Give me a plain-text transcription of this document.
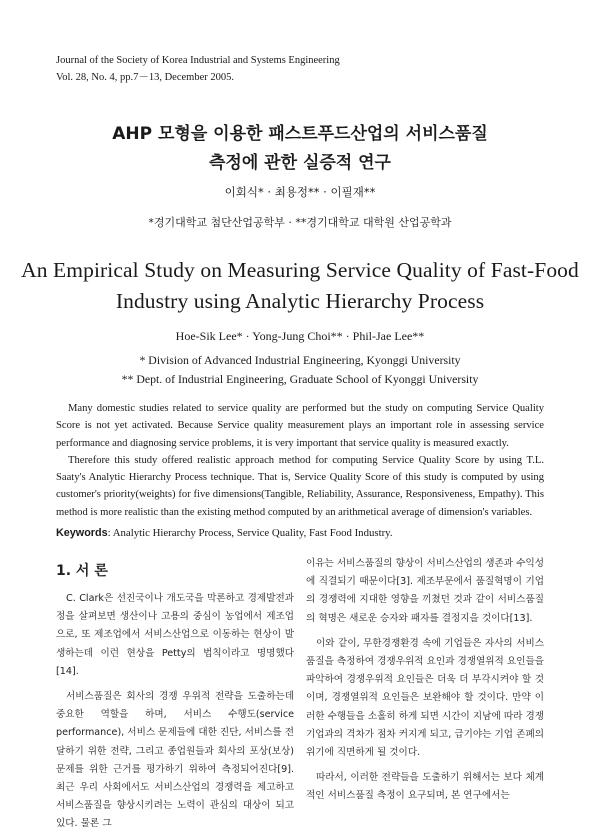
Journal of the Society of Korea Industrial and Systems Engineering
Vol. 28, No. 4, pp.7－13, December 2005.
AHP 모형을 이용한 패스트푸드산업의 서비스품질
측정에 관한 실증적 연구
이회식* · 최용정** · 이필재**
*경기대학교 첨단산업공학부 · **경기대학교 대학원 산업공학과
An Empirical Study on Measuring Service Quality of Fast-Food
Industry using Analytic Hierarchy Process
Hoe-Sik Lee* · Yong-Jung Choi** · Phil-Jae Lee**
* Division of Advanced Industrial Engineering, Kyonggi University
** Dept. of Industrial Engineering, Graduate School of Kyonggi University

Many domestic studies related to service quality are performed but the study on computing Service Quality Score is not yet activated. Because Service quality measurement plays an important role in assessing service performance and diagnosing service problems, it is very important that service quality is measured exactly.

Therefore this study offered realistic approach method for computing Service Quality Score by using T.L. Saaty's Analytic Hierarchy Process technique. That is, Service Quality Score of this study is computed by using customer's priority(weights) for five dimensions(Tangible, Reliability, Assurance, Responsiveness, Empathy). This method is more realistic than the existing method computed by an arithmetical average of dimension's variables.

Keywords: Analytic Hierarchy Process, Service Quality, Fast Food Industry.

1. 서 론

C. Clark은 선진국이나 개도국을 막론하고 경제발전과정을 살펴보면 생산이나 고용의 중심이 농업에서 제조업으로, 또 제조업에서 서비스산업으로 이동하는 현상이 발생하는데 이런 현상을 Petty의 법칙이라고 명명했다[14].

서비스품질은 회사의 경쟁 우위적 전략을 도출하는데 중요한 역할을 하며, 서비스 수행도(service performance), 서비스 문제들에 대한 진단, 서비스를 전달하기 위한 전략, 그리고 종업원들과 회사의 포상(보상)문제를 위한 근거를 평가하기 위하여 측정되어진다[9]. 최근 우리 사회에서도 서비스산업의 경쟁력을 제고하고 서비스품질을 향상시키려는 노력이 관심의 대상이 되고 있다. 물론 그

이유는 서비스품질의 향상이 서비스산업의 생존과 수익성에 직결되기 때문이다[3]. 제조부문에서 품질혁명이 기업의 경쟁력에 지대한 영향을 끼쳤던 것과 같이 서비스품질의 혁명은 새로운 승자와 패자를 결정지을 것이다[13].

이와 같이, 무한경쟁환경 속에 기업들은 자사의 서비스품질을 측정하여 경쟁우위적 요인과 경쟁열위적 요인들을 파악하여 경쟁우위적 요인들은 더욱 더 부각시켜야 할 것이며, 경쟁열위적 요인들은 보완해야 할 것이다. 만약 이러한 수행들을 소홀히 하게 되면 시간이 지남에 따라 경쟁기업과의 격차가 점차 커지게 되고, 급기야는 기업 존폐의 위기에 직면하게 될 것이다.

따라서, 이러한 전략들을 도출하기 위해서는 보다 체계적인 서비스품질 측정이 요구되며, 본 연구에서는
